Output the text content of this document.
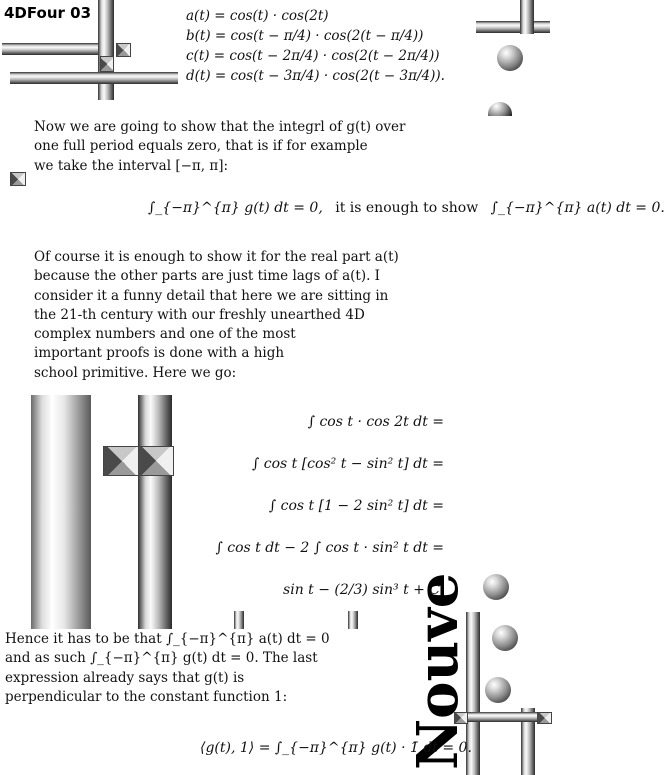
4DFour 03	a(t) = cos(t) · cos(2t)
b(t) = cos(t − π/4) · cos(2(t − π/4))
c(t) = cos(t − 2π/4) · cos(2(t − 2π/4))
d(t) = cos(t − 3π/4) · cos(2(t − 3π/4)).
Now we are going to show that the integrl of g(t) over
one full period equals zero, that is if for example
we take the interval [−π, π]:
∫_{−π}^{π} g(t) dt = 0, it is enough to show ∫_{−π}^{π} a(t) dt = 0.
Of course it is enough to show it for the real part a(t)
because the other parts are just time lags of a(t). I
consider it a funny detail that here we are sitting in
the 21-th century with our freshly unearthed 4D
complex numbers and one of the most
important proofs is done with a high
school primitive. Here we go:
∫ cos t · cos 2t dt =
∫ cos t [cos² t − sin² t] dt =
∫ cos t [1 − 2 sin² t] dt =
∫ cos t dt − 2 ∫ cos t · sin² t dt =
sin t − (2/3) sin³ t + C.
Nouve
Hence it has to be that ∫_{−π}^{π} a(t) dt = 0
and as such ∫_{−π}^{π} g(t) dt = 0. The last
expression already says that g(t) is
perpendicular to the constant function 1:
⟨g(t), 1⟩ = ∫_{−π}^{π} g(t) · 1̄ dt = 0.
